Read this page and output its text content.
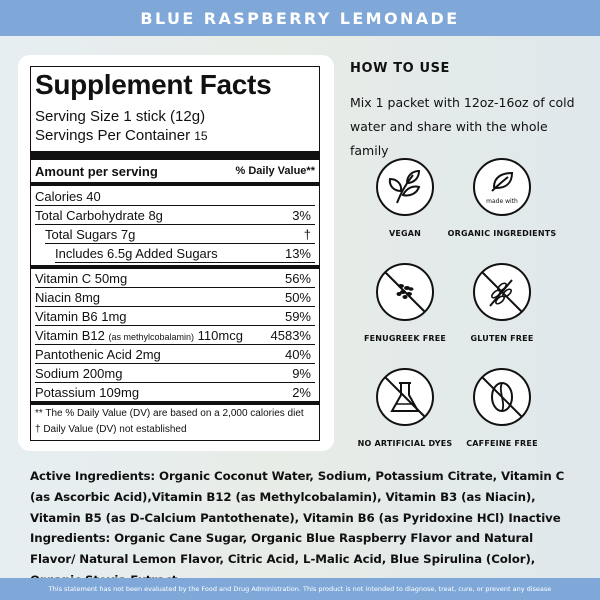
BLUE RASPBERRY LEMONADE
Supplement Facts
Serving Size 1 stick (12g)
Servings Per Container 15
Amount per serving	% Daily Value**
Calories 40
Total Carbohydrate 8g	3%
Total Sugars 7g	†
Includes 6.5g Added Sugars	13%
Vitamin C 50mg	56%
Niacin 8mg	50%
Vitamin B6 1mg	59%
Vitamin B12 (as methylcobalamin) 110mcg 4583%
Pantothenic Acid 2mg	40%
Sodium 200mg	9%
Potassium 109mg	2%
** The % Daily Value (DV) are based on a 2,000 calories diet
† Daily Value (DV) not established
HOW TO USE
Mix 1 packet with 12oz-16oz of cold water and share with the whole family
VEGAN
made with
ORGANIC INGREDIENTS
FENUGREEK FREE	GLUTEN FREE
NO ARTIFICIAL DYES	CAFFEINE FREE
Active Ingredients: Organic Coconut Water, Sodium, Potassium Citrate, Vitamin C (as Ascorbic Acid),Vitamin B12 (as Methylcobalamin), Vitamin B3 (as Niacin), Vitamin B5 (as D-Calcium Pantothenate), Vitamin B6 (as Pyridoxine HCl) Inactive Ingredients: Organic Cane Sugar, Organic Blue Raspberry Flavor and Natural Flavor/ Natural Lemon Flavor, Citric Acid, L-Malic Acid, Blue Spirulina (Color),
This statement has not been evaluated by the Food and Drug Administration. This product is not intended to diagnose, treat, cure, or prevent any disease
